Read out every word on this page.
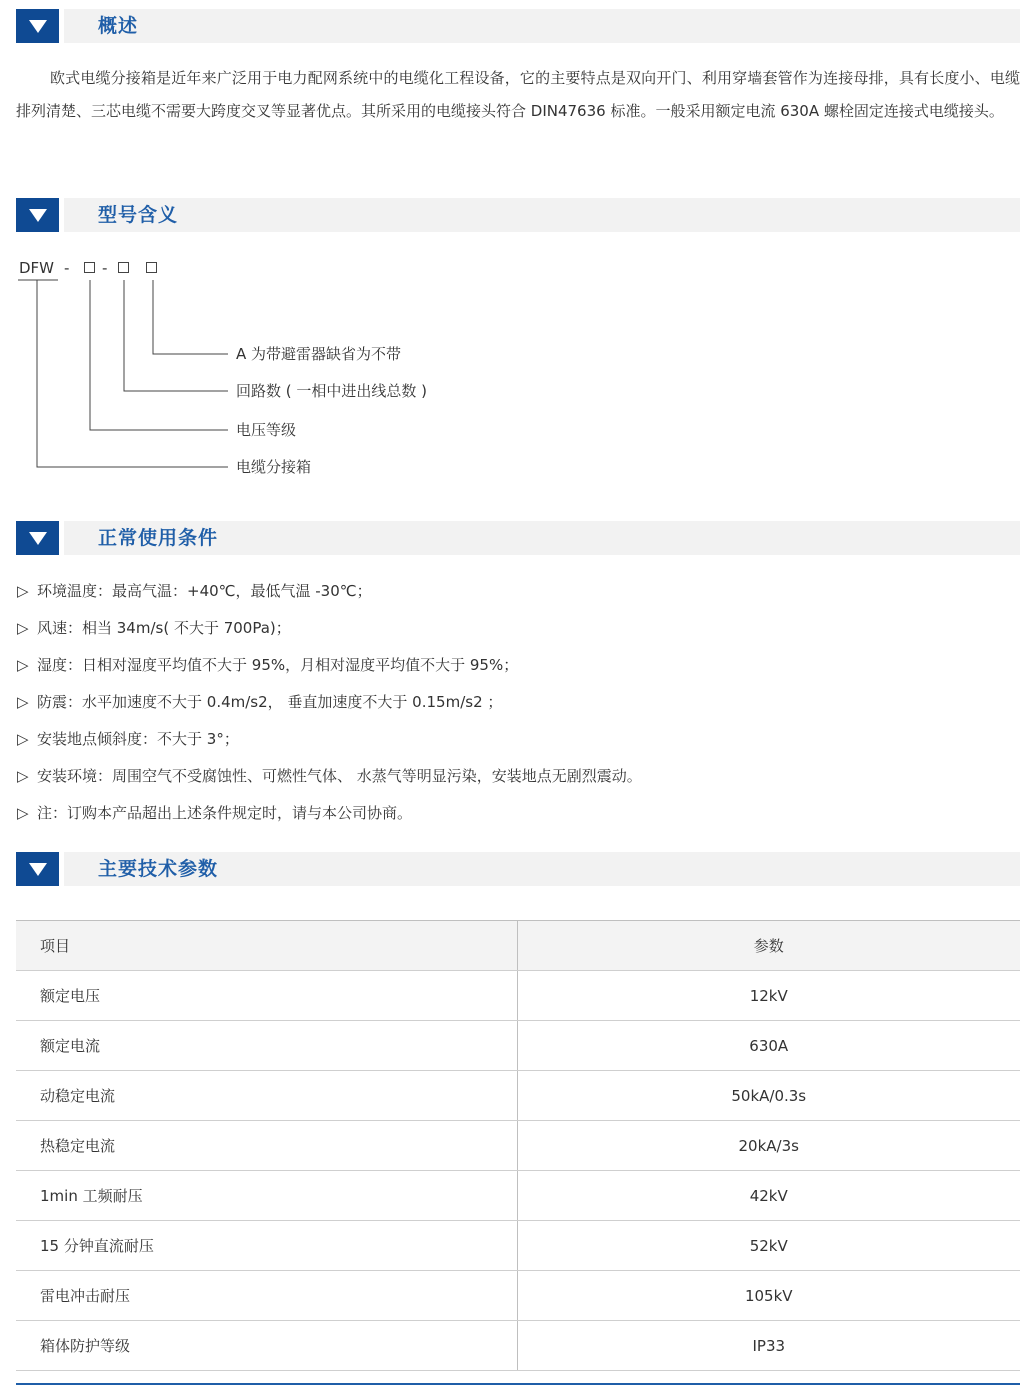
概述

欧式电缆分接箱是近年来广泛用于电力配网系统中的电缆化工程设备，它的主要特点是双向开门、利用穿墙套管作为连接母排，具有长度小、电缆排列清楚、三芯电缆不需要大跨度交叉等显著优点。其所采用的电缆接头符合 DIN47636 标准。一般采用额定电流 630A 螺栓固定连接式电缆接头。

型号含义
DFW - -
A 为带避雷器缺省为不带
回路数 ( 一相中进出线总数 )
电压等级
电缆分接箱
正常使用条件
▷ 环境温度：最高气温：+40℃，最低气温 -30℃；
▷ 风速：相当 34m/s( 不大于 700Pa)；
▷ 湿度：日相对湿度平均值不大于 95%，月相对湿度平均值不大于 95%；
▷ 防震：水平加速度不大于 0.4m/s2， 垂直加速度不大于 0.15m/s2 ；
▷ 安装地点倾斜度：不大于 3°；
▷ 安装环境：周围空气不受腐蚀性、可燃性气体、 水蒸气等明显污染，安装地点无剧烈震动。
▷ 注：订购本产品超出上述条件规定时，请与本公司协商。
主要技术参数
项目	参数
额定电压	12kV
额定电流	630A
动稳定电流	50kA/0.3s
热稳定电流	20kA/3s
1min 工频耐压	42kV
15 分钟直流耐压	52kV
雷电冲击耐压	105kV
箱体防护等级	IP33
